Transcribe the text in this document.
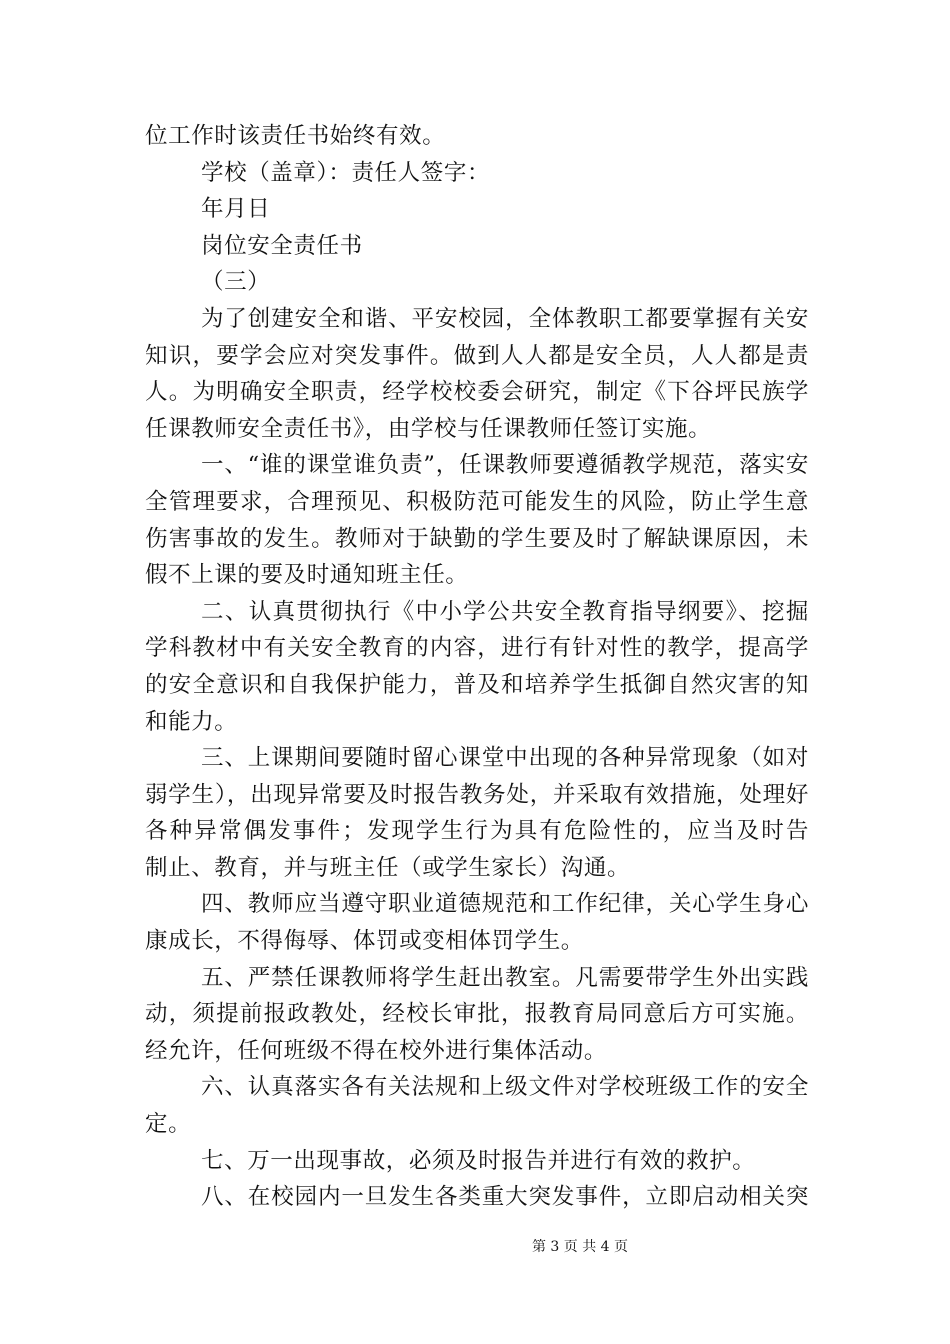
位工作时该责任书始终有效。
学校（盖章）：责任人签字：
年月日
岗位安全责任书
（三）
为了创建安全和谐、平安校园，全体教职工都要掌握有关安
知识，要学会应对突发事件。做到人人都是安全员，人人都是责
人。为明确安全职责，经学校校委会研究，制定《下谷坪民族学
任课教师安全责任书》，由学校与任课教师任签订实施。
一、“谁的课堂谁负责”，任课教师要遵循教学规范，落实安
全管理要求，合理预见、积极防范可能发生的风险，防止学生意
伤害事故的发生。教师对于缺勤的学生要及时了解缺课原因，未
假不上课的要及时通知班主任。
二、认真贯彻执行《中小学公共安全教育指导纲要》、挖掘
学科教材中有关安全教育的内容，进行有针对性的教学，提高学
的安全意识和自我保护能力，普及和培养学生抵御自然灾害的知
和能力。
三、上课期间要随时留心课堂中出现的各种异常现象（如对
弱学生），出现异常要及时报告教务处，并采取有效措施，处理好
各种异常偶发事件；发现学生行为具有危险性的，应当及时告
制止、教育，并与班主任（或学生家长）沟通。
四、教师应当遵守职业道德规范和工作纪律，关心学生身心
康成长，不得侮辱、体罚或变相体罚学生。
五、严禁任课教师将学生赶出教室。凡需要带学生外出实践
动，须提前报政教处，经校长审批，报教育局同意后方可实施。
经允许，任何班级不得在校外进行集体活动。
六、认真落实各有关法规和上级文件对学校班级工作的安全
定。
七、万一出现事故，必须及时报告并进行有效的救护。
八、在校园内一旦发生各类重大突发事件，立即启动相关突
第 3 页 共 4 页
